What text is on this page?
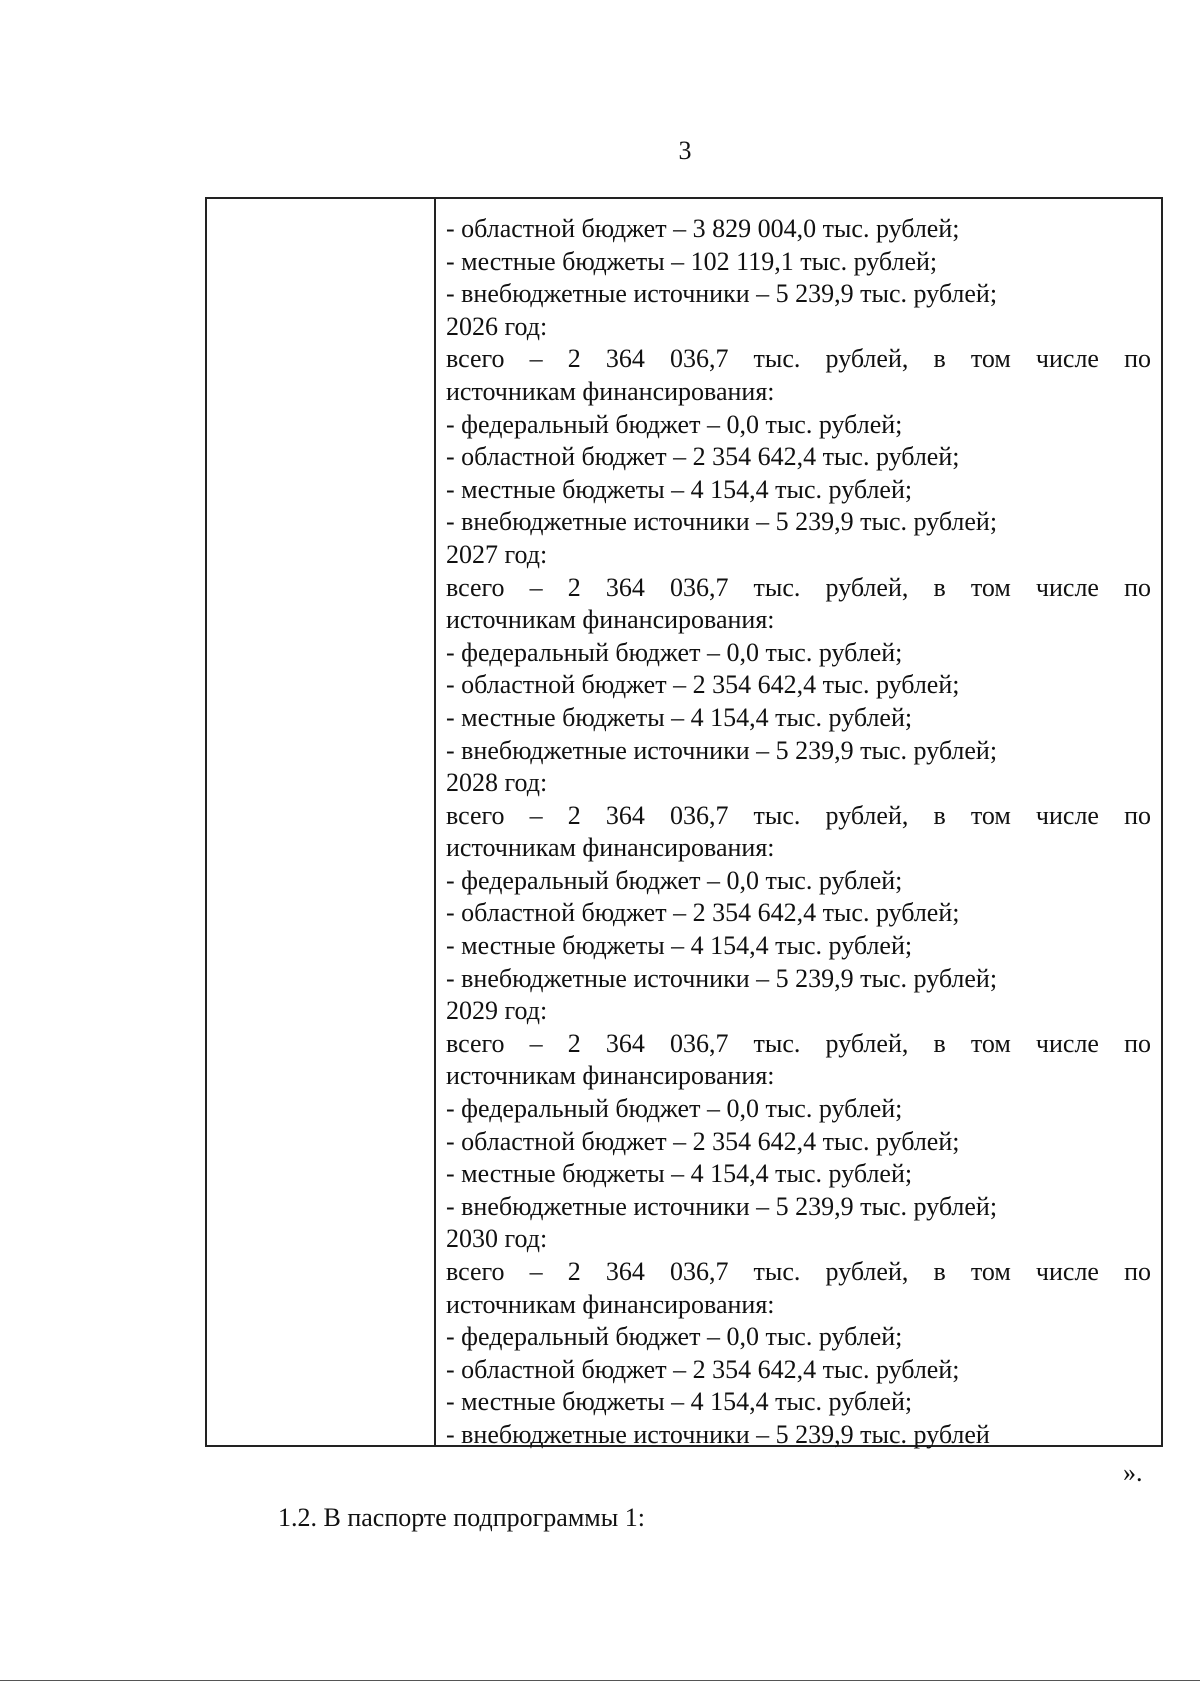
3
- областной бюджет – 3 829 004,0 тыс. рублей;
- местные бюджеты – 102 119,1 тыс. рублей;
- внебюджетные источники – 5 239,9 тыс. рублей;
2026 год:
всего – 2 364 036,7 тыс. рублей, в том числе по
источникам финансирования:
- федеральный бюджет – 0,0 тыс. рублей;
- областной бюджет – 2 354 642,4 тыс. рублей;
- местные бюджеты – 4 154,4 тыс. рублей;
- внебюджетные источники – 5 239,9 тыс. рублей;
2027 год:
всего – 2 364 036,7 тыс. рублей, в том числе по
источникам финансирования:
- федеральный бюджет – 0,0 тыс. рублей;
- областной бюджет – 2 354 642,4 тыс. рублей;
- местные бюджеты – 4 154,4 тыс. рублей;
- внебюджетные источники – 5 239,9 тыс. рублей;
2028 год:
всего – 2 364 036,7 тыс. рублей, в том числе по
источникам финансирования:
- федеральный бюджет – 0,0 тыс. рублей;
- областной бюджет – 2 354 642,4 тыс. рублей;
- местные бюджеты – 4 154,4 тыс. рублей;
- внебюджетные источники – 5 239,9 тыс. рублей;
2029 год:
всего – 2 364 036,7 тыс. рублей, в том числе по
источникам финансирования:
- федеральный бюджет – 0,0 тыс. рублей;
- областной бюджет – 2 354 642,4 тыс. рублей;
- местные бюджеты – 4 154,4 тыс. рублей;
- внебюджетные источники – 5 239,9 тыс. рублей;
2030 год:
всего – 2 364 036,7 тыс. рублей, в том числе по
источникам финансирования:
- федеральный бюджет – 0,0 тыс. рублей;
- областной бюджет – 2 354 642,4 тыс. рублей;
- местные бюджеты – 4 154,4 тыс. рублей;
- внебюджетные источники – 5 239,9 тыс. рублей
».
1.2. В паспорте подпрограммы 1:
